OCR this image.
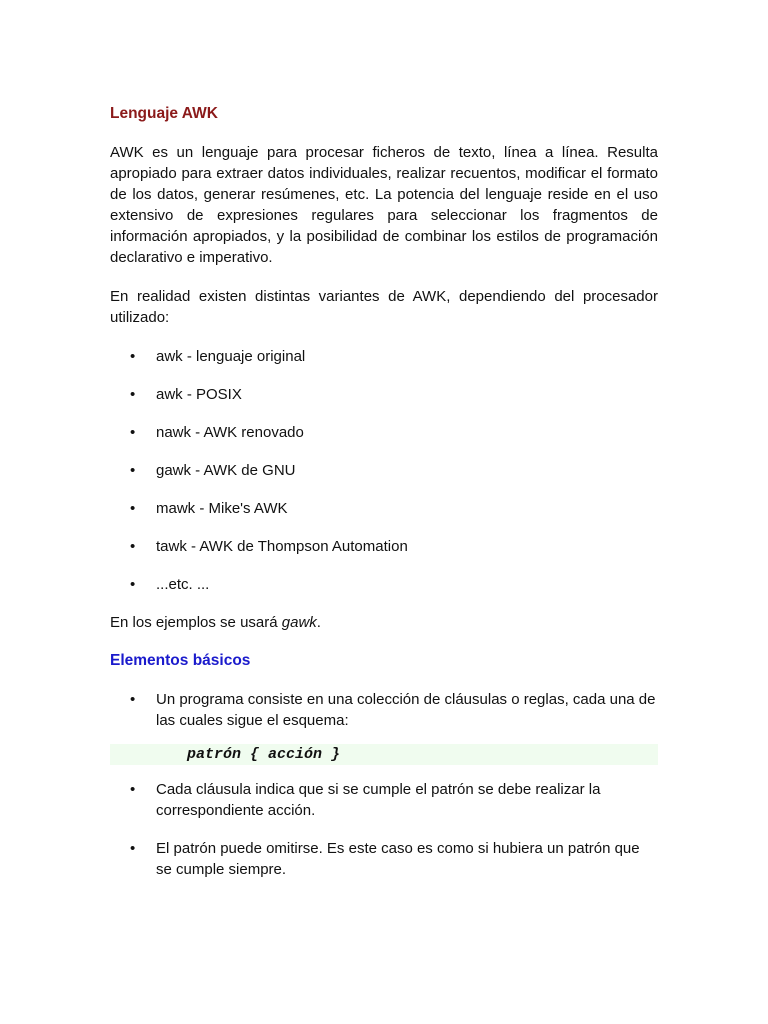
Lenguaje AWK

AWK es un lenguaje para procesar ficheros de texto, línea a línea. Resulta apropiado para extraer datos individuales, realizar recuentos, modificar el formato de los datos, generar resúmenes, etc. La potencia del lenguaje reside en el uso extensivo de expresiones regulares para seleccionar los fragmentos de información apropiados, y la posibilidad de combinar los estilos de programación declarativo e imperativo.

En realidad existen distintas variantes de AWK, dependiendo del procesador utilizado:

• awk - lenguaje original
• awk - POSIX
• nawk - AWK renovado
• gawk - AWK de GNU
• mawk - Mike's AWK
• tawk - AWK de Thompson Automation
• ...etc. ...

En los ejemplos se usará gawk.

Elementos básicos
• Un programa consiste en una colección de cláusulas o reglas, cada una de las cuales sigue el esquema:
patrón { acción }
• Cada cláusula indica que si se cumple el patrón se debe realizar la correspondiente acción.
• El patrón puede omitirse. Es este caso es como si hubiera un patrón que se cumple siempre.
